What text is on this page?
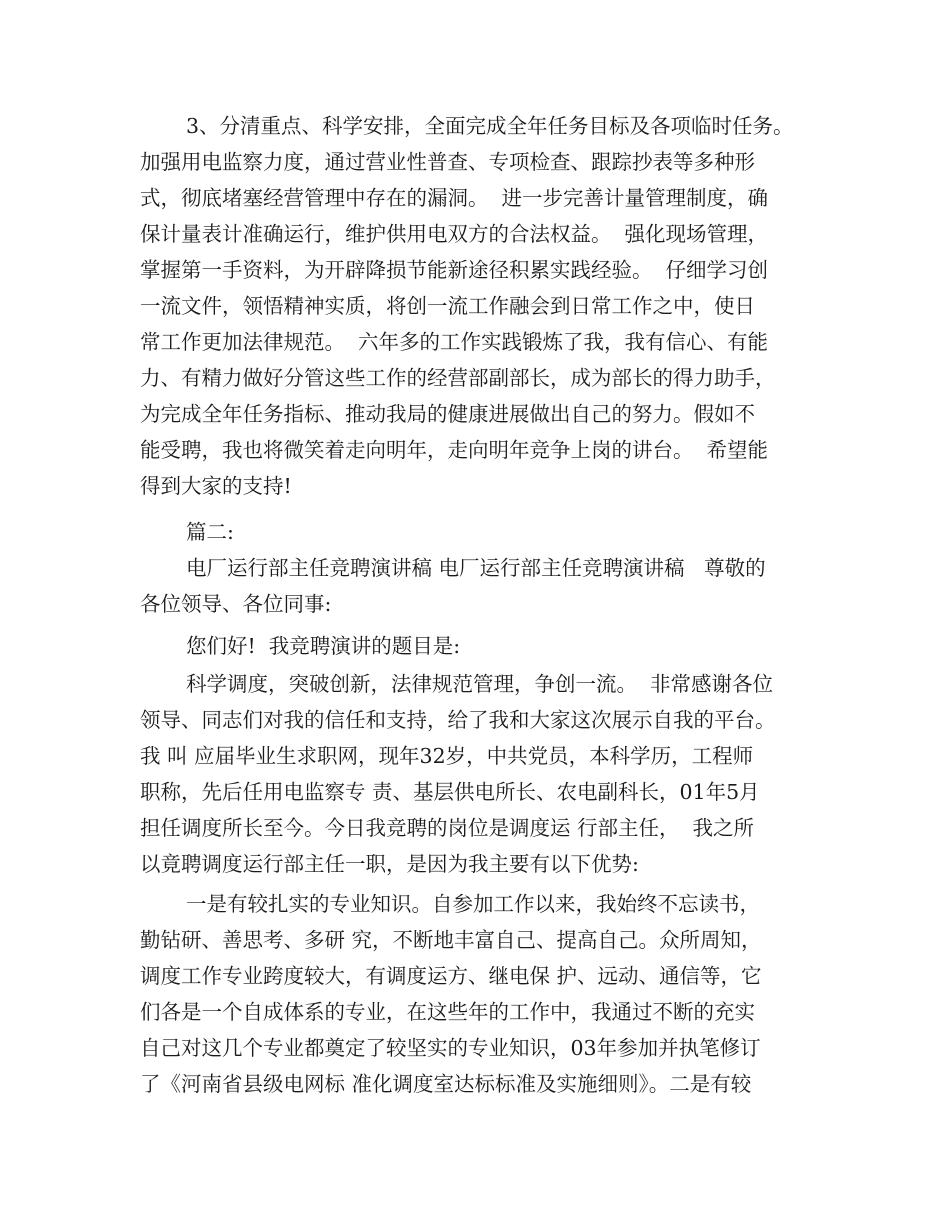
3、分清重点、科学安排，全面完成全年任务目标及各项临时任务。
加强用电监察力度，通过营业性普查、专项检查、跟踪抄表等多种形
式，彻底堵塞经营管理中存在的漏洞。  进一步完善计量管理制度，确
保计量表计准确运行，维护供用电双方的合法权益。  强化现场管理，
掌握第一手资料，为开辟降损节能新途径积累实践经验。  仔细学习创
一流文件，领悟精神实质，将创一流工作融会到日常工作之中，使日
常工作更加法律规范。  六年多的工作实践锻炼了我，我有信心、有能
力、有精力做好分管这些工作的经营部副部长，成为部长的得力助手，
为完成全年任务指标、推动我局的健康进展做出自己的努力。假如不
能受聘，我也将微笑着走向明年，走向明年竞争上岗的讲台。  希望能
得到大家的支持!
篇二:
电厂运行部主任竞聘演讲稿 电厂运行部主任竞聘演讲稿   尊敬的
各位领导、各位同事:
您们好!  我竞聘演讲的题目是:
科学调度，突破创新，法律规范管理，争创一流。  非常感谢各位
领导、同志们对我的信任和支持，给了我和大家这次展示自我的平台。
我 叫 应届毕业生求职网，现年32岁，中共党员，本科学历，工程师
职称，先后任用电监察专 责、基层供电所长、农电副科长，01年5月
担任调度所长至今。今日我竞聘的岗位是调度运 行部主任，  我之所
以竟聘调度运行部主任一职，是因为我主要有以下优势:
一是有较扎实的专业知识。自参加工作以来，我始终不忘读书，
勤钻研、善思考、多研 究，不断地丰富自己、提高自己。众所周知，
调度工作专业跨度较大，有调度运方、继电保 护、远动、通信等，它
们各是一个自成体系的专业，在这些年的工作中，我通过不断的充实
自己对这几个专业都奠定了较坚实的专业知识，03年参加并执笔修订
了《河南省县级电网标 准化调度室达标标准及实施细则》。二是有较
